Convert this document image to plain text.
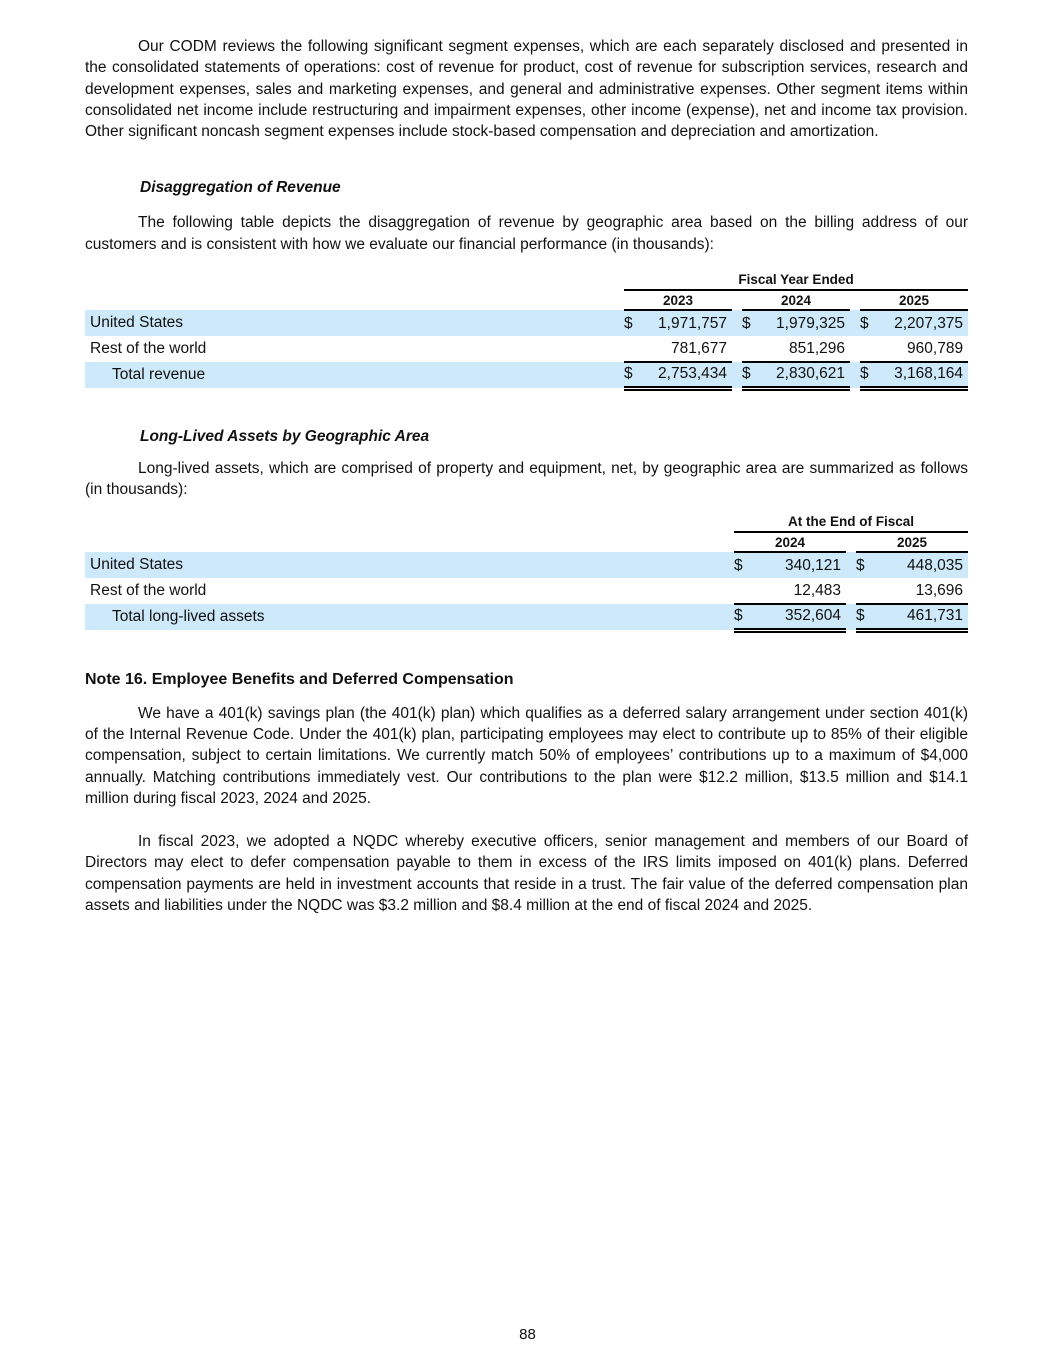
Our CODM reviews the following significant segment expenses, which are each separately disclosed and presented in the consolidated statements of operations: cost of revenue for product, cost of revenue for subscription services, research and development expenses, sales and marketing expenses, and general and administrative expenses. Other segment items within consolidated net income include restructuring and impairment expenses, other income (expense), net and income tax provision. Other significant noncash segment expenses include stock-based compensation and depreciation and amortization.

Disaggregation of Revenue

The following table depicts the disaggregation of revenue by geographic area based on the billing address of our customers and is consistent with how we evaluate our financial performance (in thousands):

		Fiscal Year Ended							
		2023			2024			2025	
United States		$	1,971,757		$	1,979,325		$	2,207,375
Rest of the world			781,677			851,296			960,789
Total revenue		$	2,753,434		$	2,830,621		$	3,168,164
Long-Lived Assets by Geographic Area

Long-lived assets, which are comprised of property and equipment, net, by geographic area are summarized as follows (in thousands):

		At the End of Fiscal				
		2024			2025	
United States		$	340,121		$	448,035
Rest of the world			12,483			13,696
Total long-lived assets		$	352,604		$	461,731
Note 16. Employee Benefits and Deferred Compensation

We have a 401(k) savings plan (the 401(k) plan) which qualifies as a deferred salary arrangement under section 401(k) of the Internal Revenue Code. Under the 401(k) plan, participating employees may elect to contribute up to 85% of their eligible compensation, subject to certain limitations. We currently match 50% of employees’ contributions up to a maximum of $4,000 annually. Matching contributions immediately vest. Our contributions to the plan were $12.2 million, $13.5 million and $14.1 million during fiscal 2023, 2024 and 2025.

In fiscal 2023, we adopted a NQDC whereby executive officers, senior management and members of our Board of Directors may elect to defer compensation payable to them in excess of the IRS limits imposed on 401(k) plans. Deferred compensation payments are held in investment accounts that reside in a trust. The fair value of the deferred compensation plan assets and liabilities under the NQDC was $3.2 million and $8.4 million at the end of fiscal 2024 and 2025.

88
